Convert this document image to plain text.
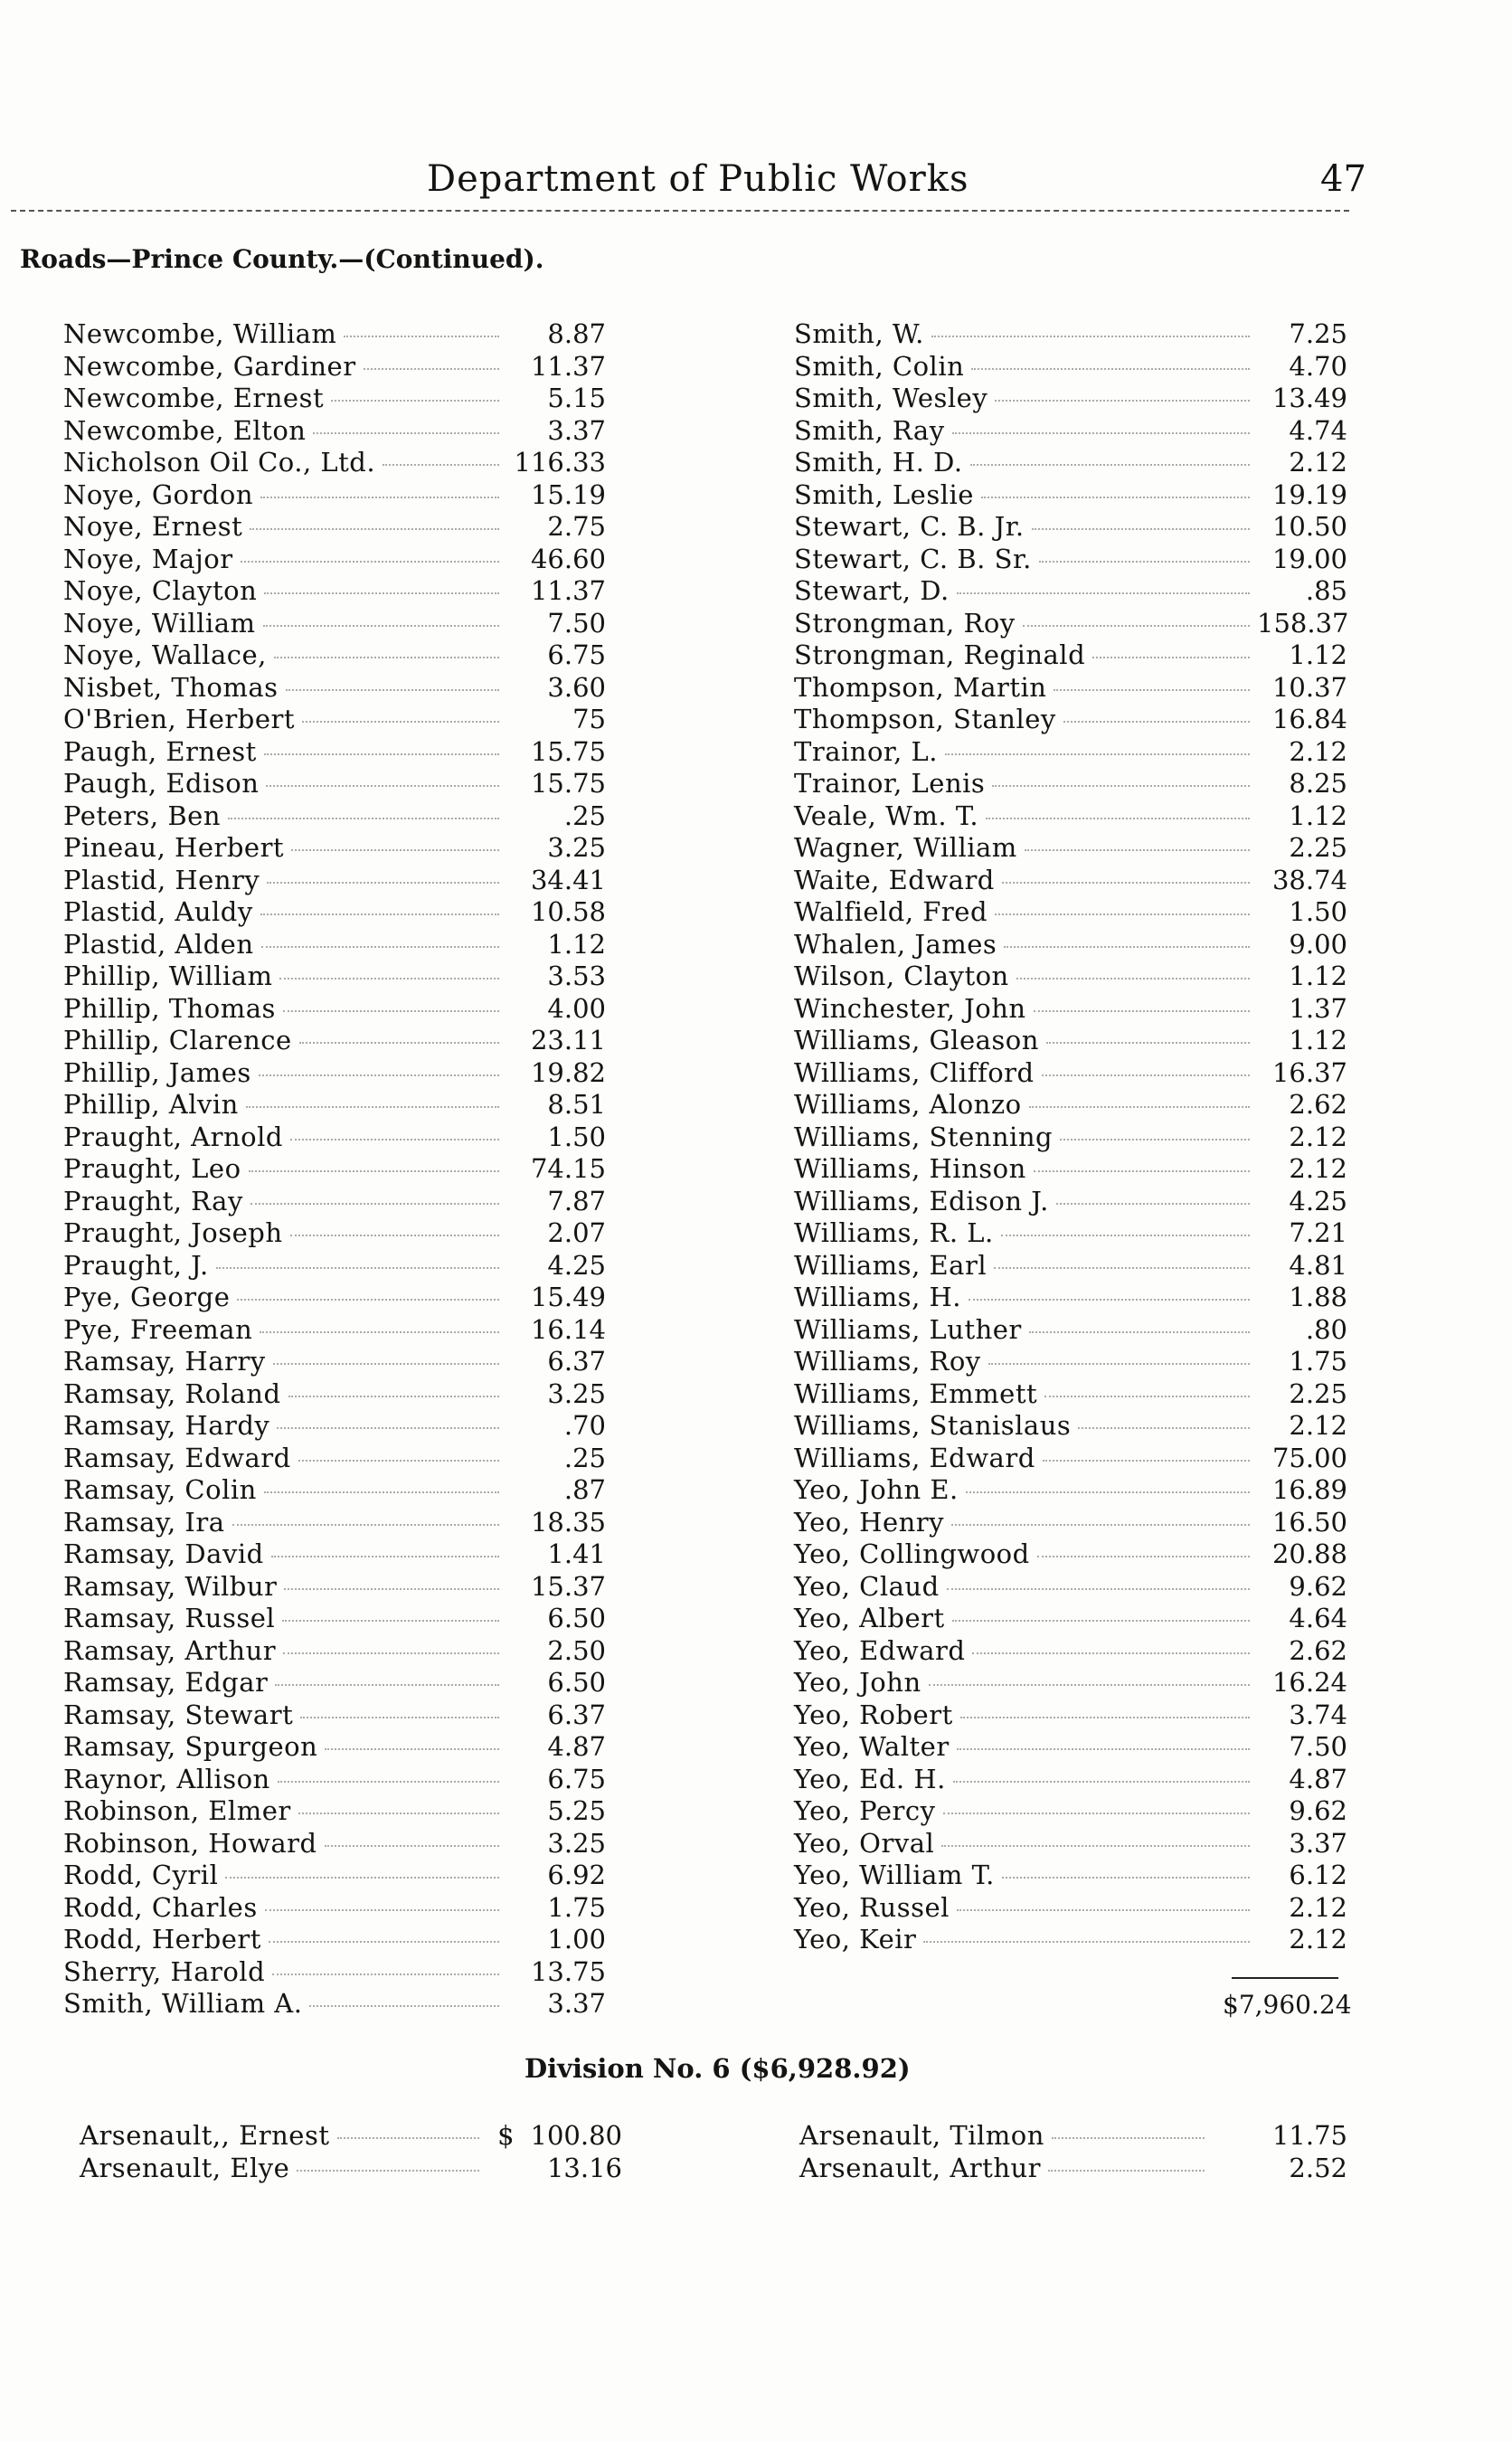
Department of Public Works	47
Roads—Prince County.—(Continued).
Newcombe, William	8.87
Newcombe, Gardiner	11.37
Newcombe, Ernest	5.15
Newcombe, Elton	3.37
Nicholson Oil Co., Ltd.	116.33
Noye, Gordon	15.19
Noye, Ernest	2.75
Noye, Major	46.60
Noye, Clayton	11.37
Noye, William	7.50
Noye, Wallace,	6.75
Nisbet, Thomas	3.60
O'Brien, Herbert	75
Paugh, Ernest	15.75
Paugh, Edison	15.75
Peters, Ben	.25
Pineau, Herbert	3.25
Plastid, Henry	34.41
Plastid, Auldy	10.58
Plastid, Alden	1.12
Phillip, William	3.53
Phillip, Thomas	4.00
Phillip, Clarence	23.11
Phillip, James	19.82
Phillip, Alvin	8.51
Praught, Arnold	1.50
Praught, Leo	74.15
Praught, Ray	7.87
Praught, Joseph	2.07
Praught, J.	4.25
Pye, George	15.49
Pye, Freeman	16.14
Ramsay, Harry	6.37
Ramsay, Roland	3.25
Ramsay, Hardy	.70
Ramsay, Edward	.25
Ramsay, Colin	.87
Ramsay, Ira	18.35
Ramsay, David	1.41
Ramsay, Wilbur	15.37
Ramsay, Russel	6.50
Ramsay, Arthur	2.50
Ramsay, Edgar	6.50
Ramsay, Stewart	6.37
Ramsay, Spurgeon	4.87
Raynor, Allison	6.75
Robinson, Elmer	5.25
Robinson, Howard	3.25
Rodd, Cyril	6.92
Rodd, Charles	1.75
Rodd, Herbert	1.00
Sherry, Harold	13.75
Smith, William A.	3.37
Smith, W.	7.25
Smith, Colin	4.70
Smith, Wesley	13.49
Smith, Ray	4.74
Smith, H. D.	2.12
Smith, Leslie	19.19
Stewart, C. B. Jr.	10.50
Stewart, C. B. Sr.	19.00
Stewart, D.	.85
Strongman, Roy	158.37
Strongman, Reginald	1.12
Thompson, Martin	10.37
Thompson, Stanley	16.84
Trainor, L.	2.12
Trainor, Lenis	8.25
Veale, Wm. T.	1.12
Wagner, William	2.25
Waite, Edward	38.74
Walfield, Fred	1.50
Whalen, James	9.00
Wilson, Clayton	1.12
Winchester, John	1.37
Williams, Gleason	1.12
Williams, Clifford	16.37
Williams, Alonzo	2.62
Williams, Stenning	2.12
Williams, Hinson	2.12
Williams, Edison J.	4.25
Williams, R. L.	7.21
Williams, Earl	4.81
Williams, H.	1.88
Williams, Luther	.80
Williams, Roy	1.75
Williams, Emmett	2.25
Williams, Stanislaus	2.12
Williams, Edward	75.00
Yeo, John E.	16.89
Yeo, Henry	16.50
Yeo, Collingwood	20.88
Yeo, Claud	9.62
Yeo, Albert	4.64
Yeo, Edward	2.62
Yeo, John	16.24
Yeo, Robert	3.74
Yeo, Walter	7.50
Yeo, Ed. H.	4.87
Yeo, Percy	9.62
Yeo, Orval	3.37
Yeo, William T.	6.12
Yeo, Russel	2.12
Yeo, Keir	2.12
$7,960.24
Division No. 6 ($6,928.92)
Arsenault,, Ernest	$ 100.80
Arsenault, Elye	13.16
Arsenault, Tilmon	11.75
Arsenault, Arthur	2.52
